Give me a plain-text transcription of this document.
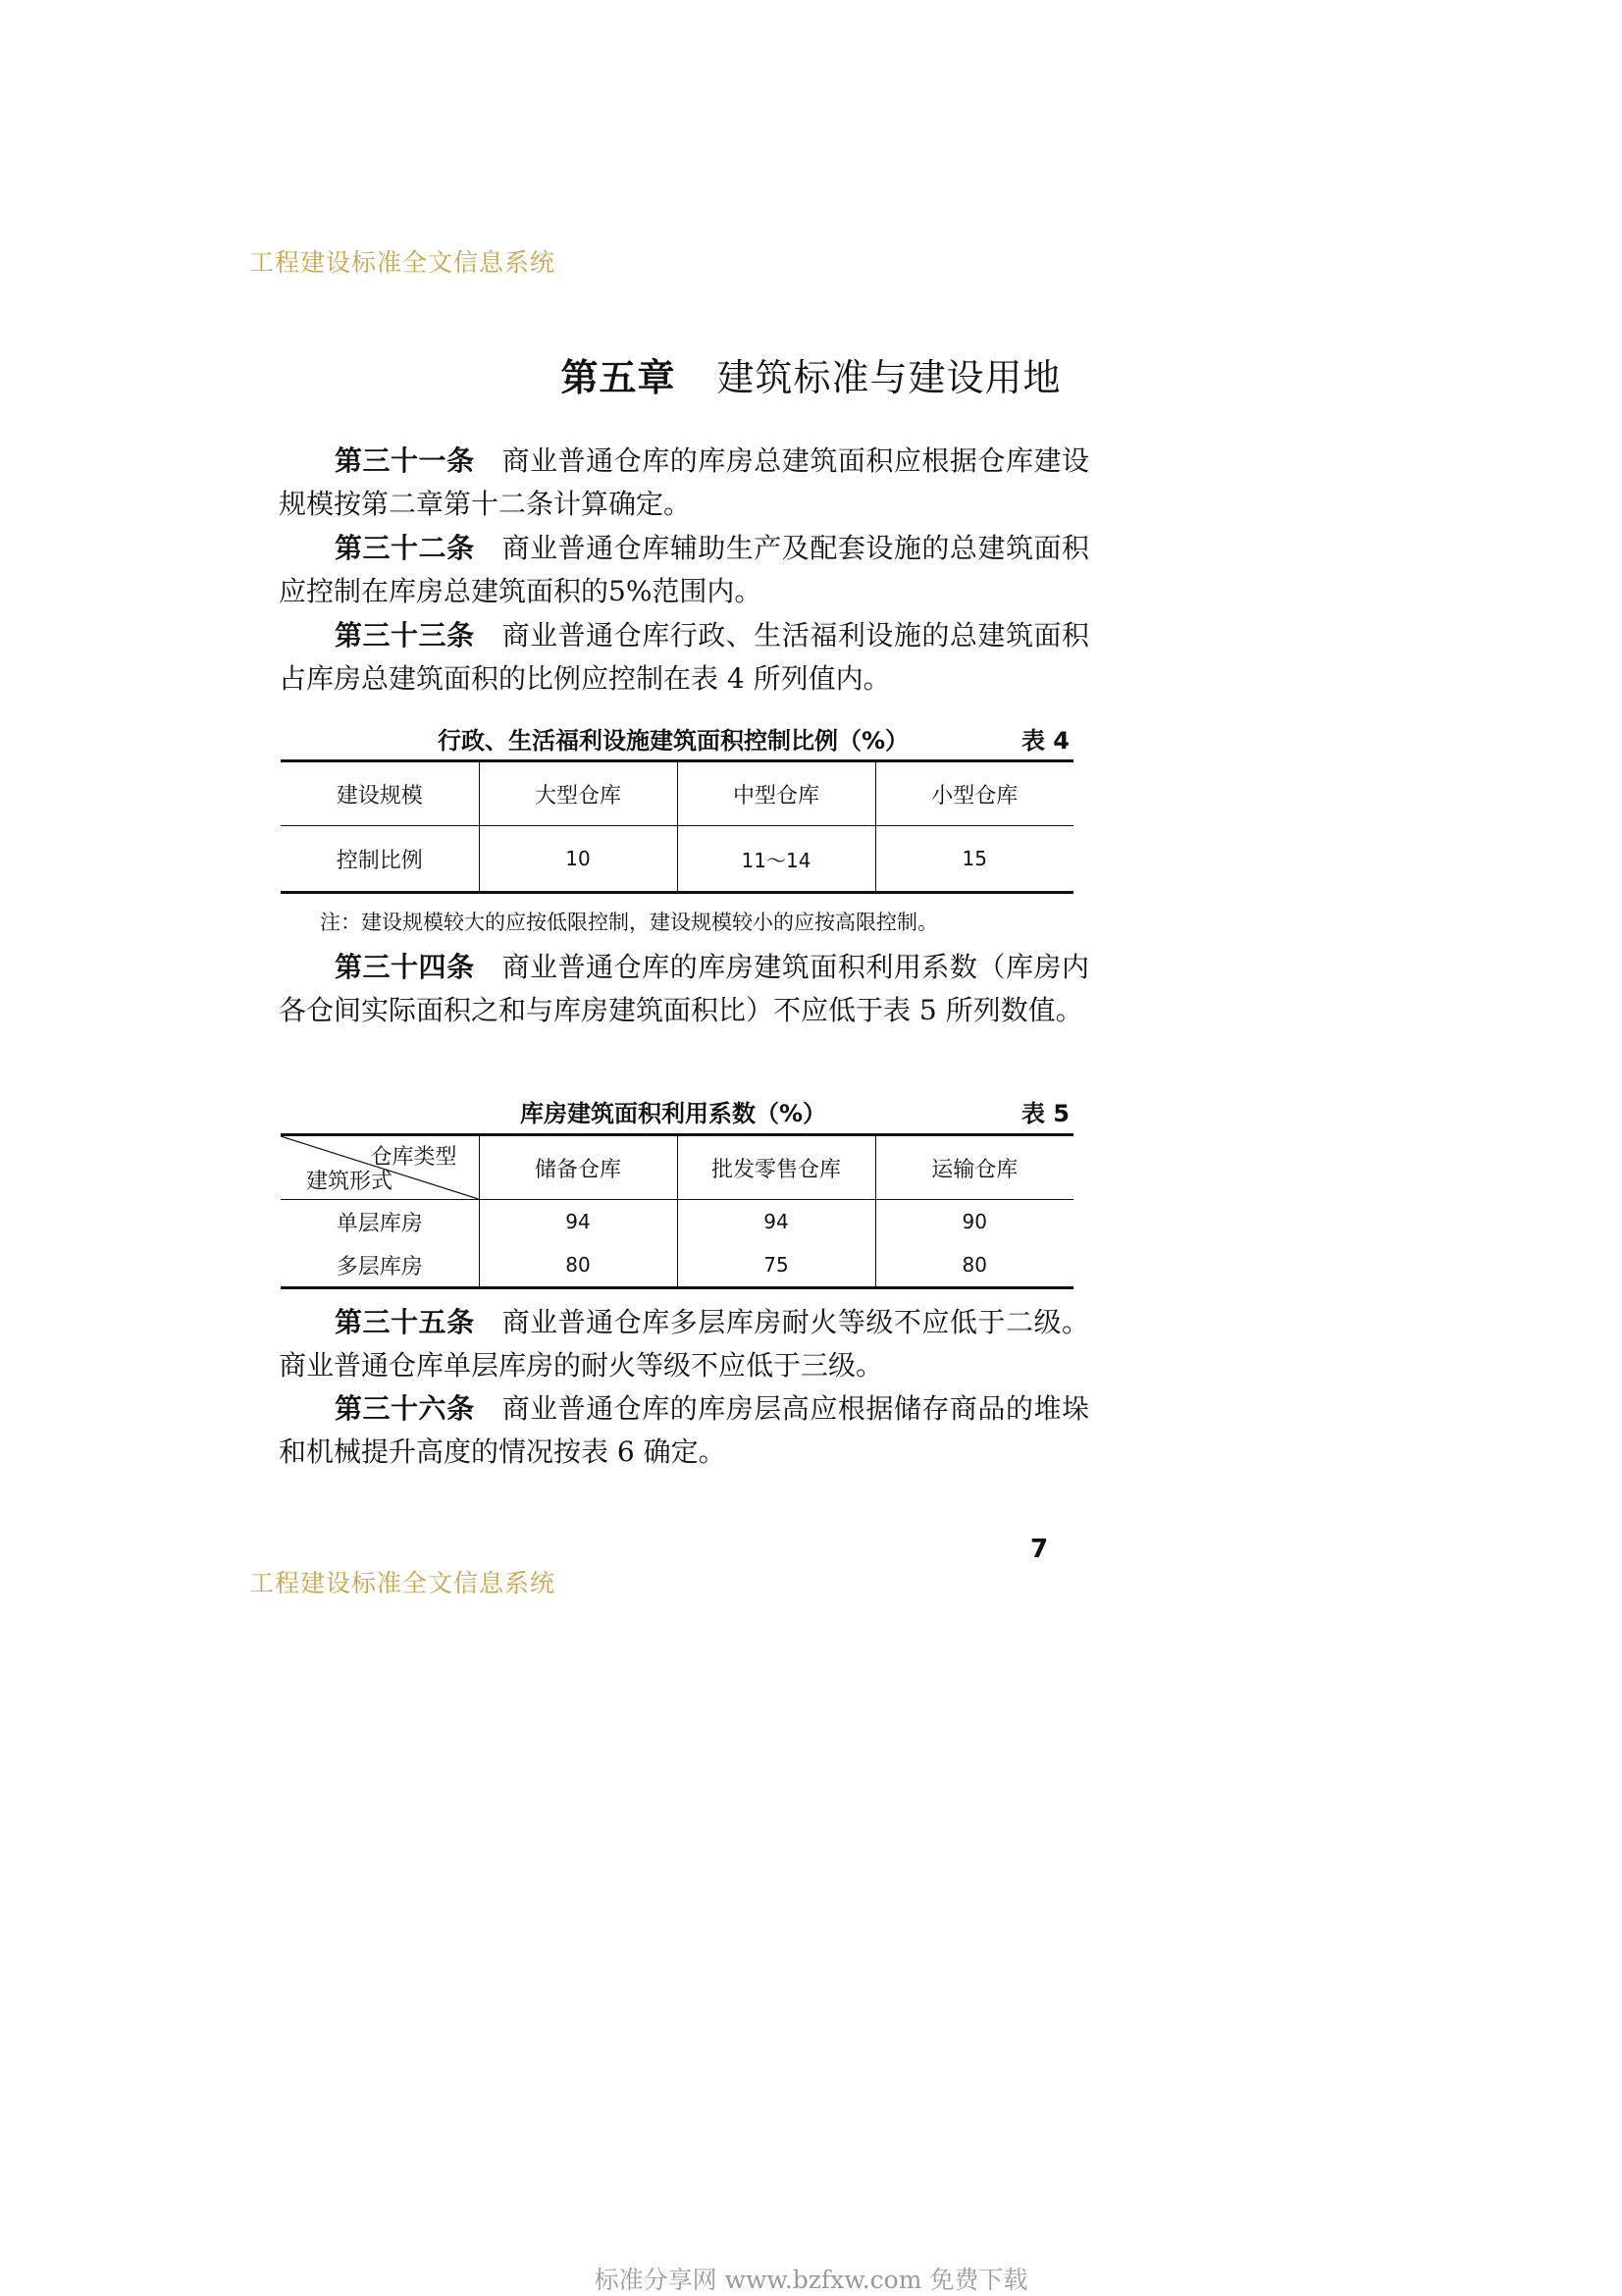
工程建设标准全文信息系统
第五章 建筑标准与建设用地

第三十一条 商业普通仓库的库房总建筑面积应根据仓库建设规模按第二章第十二条计算确定。

第三十二条 商业普通仓库辅助生产及配套设施的总建筑面积应控制在库房总建筑面积的5%范围内。

第三十三条 商业普通仓库行政、生活福利设施的总建筑面积占库房总建筑面积的比例应控制在表 4 所列值内。

行政、生活福利设施建筑面积控制比例（%）	表 4
建设规模	大型仓库	中型仓库	小型仓库
控制比例	10	11～14	15
注：建设规模较大的应按低限控制，建设规模较小的应按高限控制。

第三十四条 商业普通仓库的库房建筑面积利用系数（库房内各仓间实际面积之和与库房建筑面积比）不应低于表 5 所列数值。

库房建筑面积利用系数（%）	表 5
仓库类型
建筑形式	储备仓库	批发零售仓库	运输仓库
单层库房	94	94	90
多层库房	80	75	80

第三十五条 商业普通仓库多层库房耐火等级不应低于二级。商业普通仓库单层库房的耐火等级不应低于三级。

第三十六条 商业普通仓库的库房层高应根据储存商品的堆垛和机械提升高度的情况按表 6 确定。

7
工程建设标准全文信息系统
标准分享网 www.bzfxw.com 免费下载
